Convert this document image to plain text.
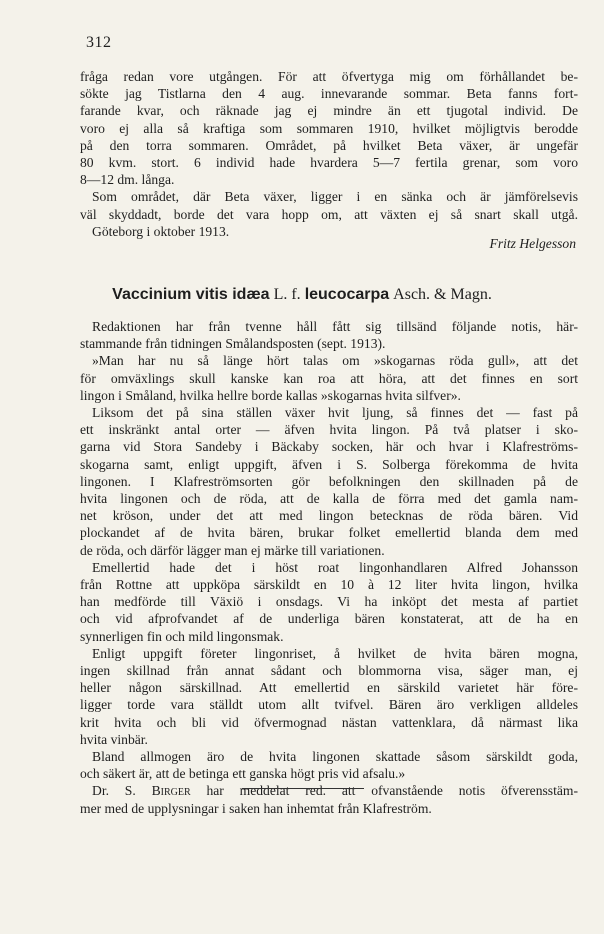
312
fråga redan vore utgången. För att öfvertyga mig om förhållandet be-
sökte jag Tistlarna den 4 aug. innevarande sommar. Beta fanns fort-
farande kvar, och räknade jag ej mindre än ett tjugotal individ. De
voro ej alla så kraftiga som sommaren 1910, hvilket möjligtvis berodde
på den torra sommaren. Området, på hvilket Beta växer, är ungefär
80 kvm. stort. 6 individ hade hvardera 5—7 fertila grenar, som voro
8—12 dm. långa.
Som området, där Beta växer, ligger i en sänka och är jämförelsevis
väl skyddadt, borde det vara hopp om, att växten ej så snart skall utgå.
Göteborg i oktober 1913.
Fritz Helgesson
Vaccinium vitis idæa L. f. leucocarpa Asch. & Magn.
Redaktionen har från tvenne håll fått sig tillsänd följande notis, här-
stammande från tidningen Smålandsposten (sept. 1913).
»Man har nu så länge hört talas om »skogarnas röda gull», att det
för omväxlings skull kanske kan roa att höra, att det finnes en sort
lingon i Småland, hvilka hellre borde kallas »skogarnas hvita silfver».
Liksom det på sina ställen växer hvit ljung, så finnes det — fast på
ett inskränkt antal orter — äfven hvita lingon. På två platser i sko-
garna vid Stora Sandeby i Bäckaby socken, här och hvar i Klafreströms-
skogarna samt, enligt uppgift, äfven i S. Solberga förekomma de hvita
lingonen. I Klafreströmsorten gör befolkningen den skillnaden på de
hvita lingonen och de röda, att de kalla de förra med det gamla nam-
net kröson, under det att med lingon betecknas de röda bären. Vid
plockandet af de hvita bären, brukar folket emellertid blanda dem med
de röda, och därför lägger man ej märke till variationen.
Emellertid hade det i höst roat lingonhandlaren Alfred Johansson
från Rottne att uppköpa särskildt en 10 à 12 liter hvita lingon, hvilka
han medförde till Växiö i onsdags. Vi ha inköpt det mesta af partiet
och vid afprofvandet af de underliga bären konstaterat, att de ha en
synnerligen fin och mild lingonsmak.
Enligt uppgift företer lingonriset, å hvilket de hvita bären mogna,
ingen skillnad från annat sådant och blommorna visa, säger man, ej
heller någon särskillnad. Att emellertid en särskild varietet här före-
ligger torde vara ställdt utom allt tvifvel. Bären äro verkligen alldeles
krit hvita och bli vid öfvermognad nästan vattenklara, då närmast lika
hvita vinbär.
Bland allmogen äro de hvita lingonen skattade såsom särskildt goda,
och säkert är, att de betinga ett ganska högt pris vid afsalu.»
Dr. S. Birger har meddelat red. att ofvanstående notis öfverensstäm-
mer med de upplysningar i saken han inhemtat från Klafreström.
